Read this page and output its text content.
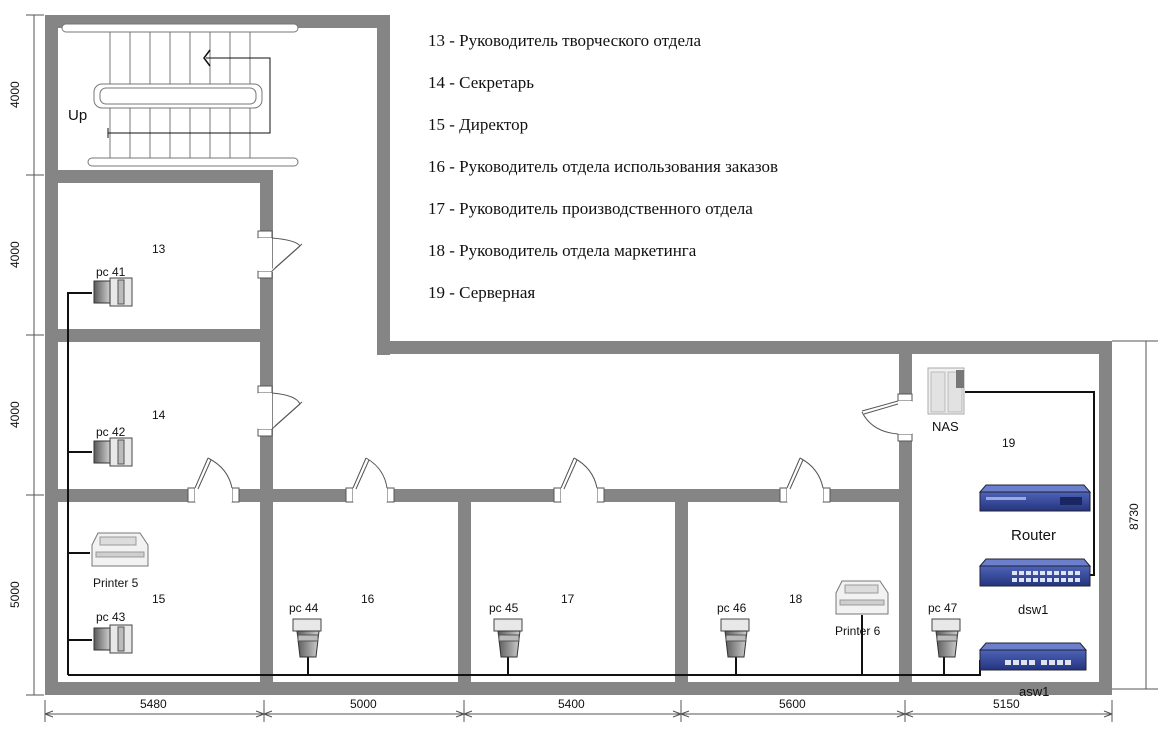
Up
pc 41
pc 42
pc 43
pc 44	pc 45	pc 46	pc 47
Printer 5
Printer 6
NAS
Router
dsw1
asw1
13
14
15	16	17	18
19
13 - Руководитель творческого отдела
14 - Секретарь
15 - Директор
16 - Руководитель отдела использования заказов
17 - Руководитель производственного отдела
18 - Руководитель отдела маркетинга
19 - Серверная
5480	5000	5400	5600	5150
4000
4000
4000
5000
8730
